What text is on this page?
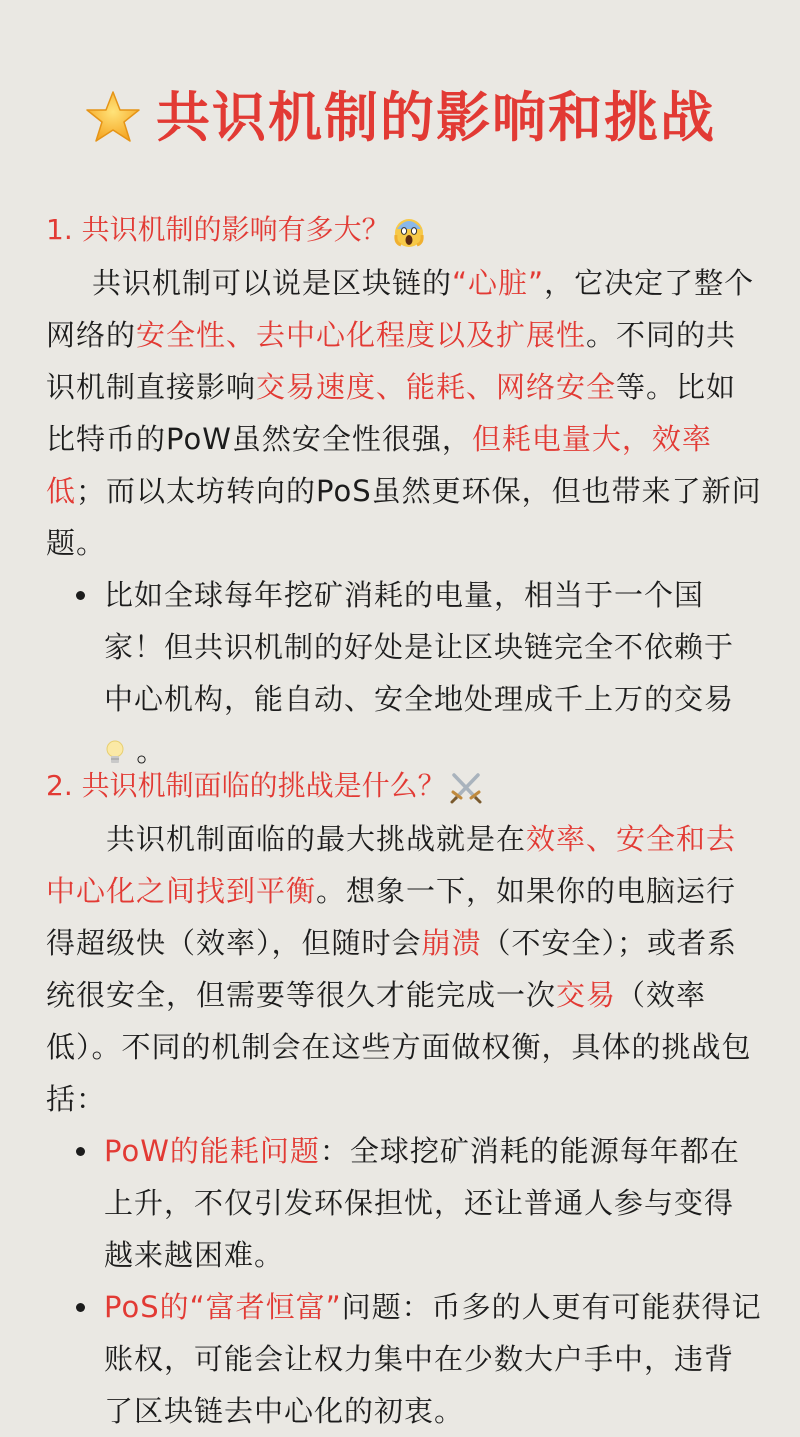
共识机制的影响和挑战
1. 共识机制的影响有多大？
共识机制可以说是区块链的“心脏”，它决定了整个网络的安全性、去中心化程度以及扩展性。不同的共识机制直接影响交易速度、能耗、网络安全等。比如比特币的PoW虽然安全性很强，但耗电量大，效率低；而以太坊转向的PoS虽然更环保，但也带来了新问题。
比如全球每年挖矿消耗的电量，相当于一个国家！但共识机制的好处是让区块链完全不依赖于中心机构，能自动、安全地处理成千上万的交易  。
2. 共识机制面临的挑战是什么？
共识机制面临的最大挑战就是在效率、安全和去中心化之间找到平衡。想象一下，如果你的电脑运行得超级快（效率），但随时会崩溃（不安全）；或者系统很安全，但需要等很久才能完成一次交易（效率低）。不同的机制会在这些方面做权衡，具体的挑战包括：
PoW的能耗问题：全球挖矿消耗的能源每年都在上升，不仅引发环保担忧，还让普通人参与变得越来越困难。
PoS的“富者恒富”问题：币多的人更有可能获得记账权，可能会让权力集中在少数大户手中，违背了区块链去中心化的初衷。
